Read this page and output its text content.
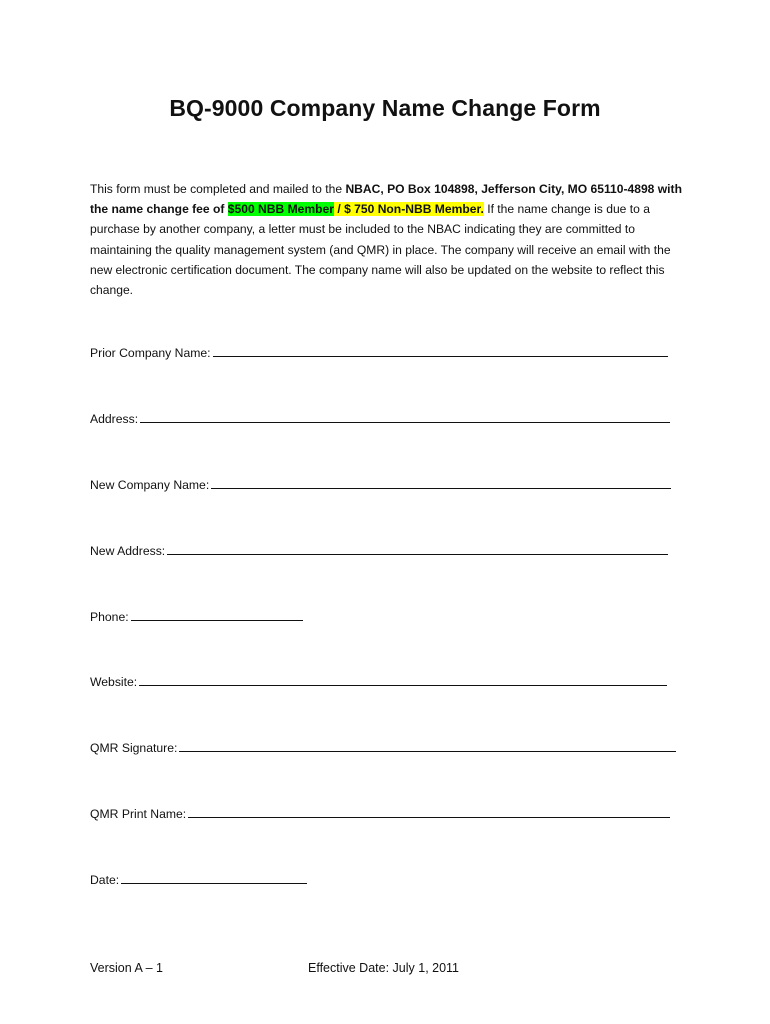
BQ-9000 Company Name Change Form

This form must be completed and mailed to the NBAC, PO Box 104898, Jefferson City, MO 65110-4898 with the name change fee of $500 NBB Member / $ 750 Non-NBB Member. If the name change is due to a purchase by another company, a letter must be included to the NBAC indicating they are committed to maintaining the quality management system (and QMR) in place. The company will receive an email with the new electronic certification document. The company name will also be updated on the website to reflect this change.

Prior Company Name:
Address:
New Company Name:
New Address:
Phone:
Website:
QMR Signature:
QMR Print Name:
Date:
Version A – 1	Effective Date: July 1, 2011
